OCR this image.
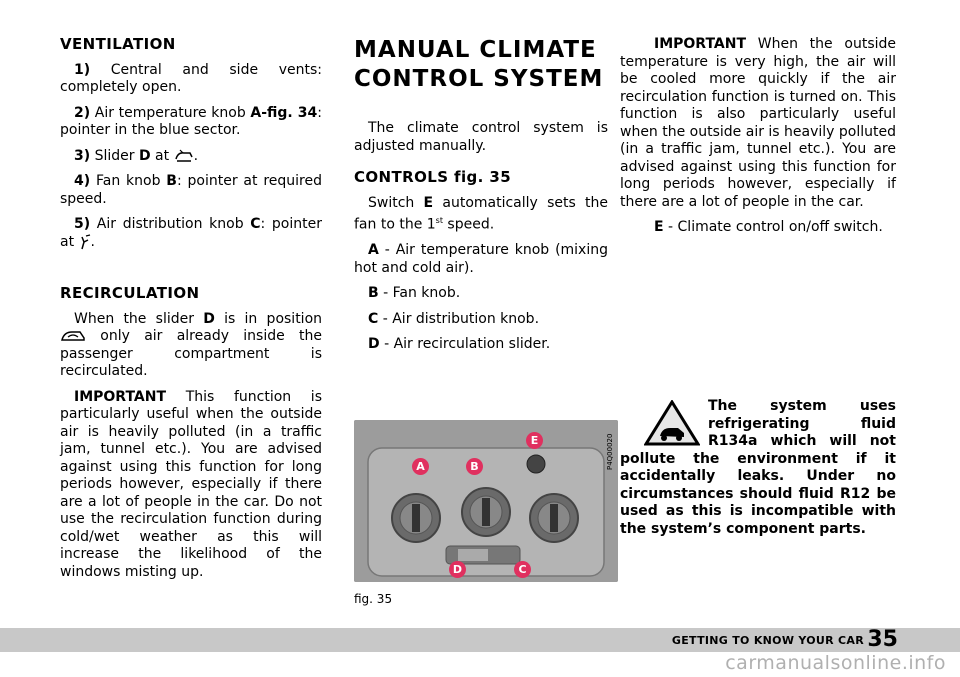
VENTILATION

1) Central and side vents: completely open.

2) Air temperature knob A-fig. 34: pointer in the blue sector.

3) Slider D at .

4) Fan knob B: pointer at required speed.

5) Air distribution knob C: pointer at .

RECIRCULATION

When the slider D is in position  only air already inside the passenger compartment is recirculated.

IMPORTANT This function is particularly useful when the outside air is heavily polluted (in a traffic jam, tunnel etc.). You are advised against using this function for long periods however, especially if there are a lot of people in the car. Do not use the recirculation function during cold/wet weather as this will increase the likelihood of the windows misting up.

MANUAL CLIMATE
CONTROL SYSTEM

The climate control system is adjusted manually.

CONTROLS fig. 35

Switch E automatically sets the fan to the 1st speed.

A - Air temperature knob (mixing hot and cold air).

B - Fan knob.

C - Air distribution knob.

D - Air recirculation slider.

A	B
E
D	C
P4Q00020
fig. 35

IMPORTANT When the outside temperature is very high, the air will be cooled more quickly if the air recirculation function is turned on. This function is also particularly useful when the outside air is heavily polluted (in a traffic jam, tunnel etc.). You are advised against using this function for long periods however, especially if there are a lot of people in the car.

E - Climate control on/off switch.

The system uses refrigerating fluid R134a which will not pollute the environment if it accidentally leaks. Under no circumstances should fluid R12 be used as this is incompatible with the system’s component parts.
GETTING TO KNOW YOUR CAR 35
carmanualsonline.info
